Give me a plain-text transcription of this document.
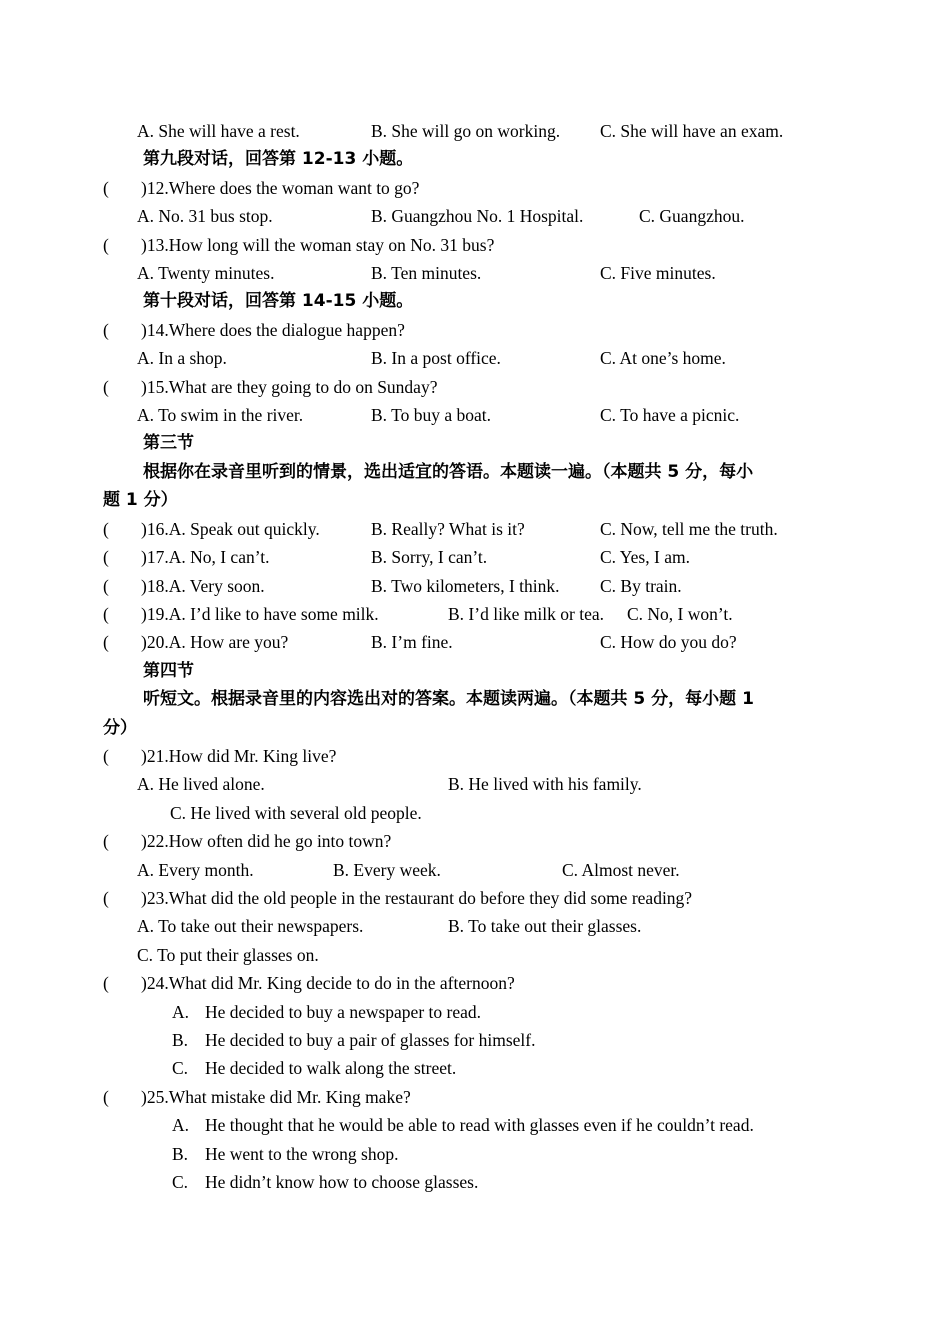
A. She will have a rest.	B. She will go on working. C. She will have an exam.
第九段对话，回答第 12-13 小题。
( )12.Where does the woman want to go?
A. No. 31 bus stop.	B. Guangzhou No. 1 Hospital.	C. Guangzhou.
( )13.How long will the woman stay on No. 31 bus?
A. Twenty minutes.	B. Ten minutes.	C. Five minutes.
第十段对话，回答第 14-15 小题。
( )14.Where does the dialogue happen?
A. In a shop.	B. In a post office.	C. At one’s home.
( )15.What are they going to do on Sunday?
A. To swim in the river.	B. To buy a boat.	C. To have a picnic.
第三节
根据你在录音里听到的情景，选出适宜的答语。本题读一遍。（本题共 5 分，每小
题 1 分）
( )16.A. Speak out quickly.	B. Really? What is it?	C. Now, tell me the truth.
( )17.A. No, I can’t.	B. Sorry, I can’t.	C. Yes, I am.
( )18.A. Very soon.	B. Two kilometers, I think. C. By train.
( )19.A. I’d like to have some milk.	B. I’d like milk or tea. C. No, I won’t.
( )20.A. How are you?	B. I’m fine.	C. How do you do?
第四节
听短文。根据录音里的内容选出对的答案。本题读两遍。（本题共 5 分，每小题 1
分）
( )21.How did Mr. King live?
A. He lived alone.	B. He lived with his family.
C. He lived with several old people.
( )22.How often did he go into town?
A. Every month.	B. Every week.	C. Almost never.
( )23.What did the old people in the restaurant do before they did some reading?
A. To take out their newspapers.	B. To take out their glasses.
C. To put their glasses on.
( )24.What did Mr. King decide to do in the afternoon?
A. He decided to buy a newspaper to read.
B. He decided to buy a pair of glasses for himself.
C. He decided to walk along the street.
( )25.What mistake did Mr. King make?
A. He thought that he would be able to read with glasses even if he couldn’t read.
B. He went to the wrong shop.
C. He didn’t know how to choose glasses.
